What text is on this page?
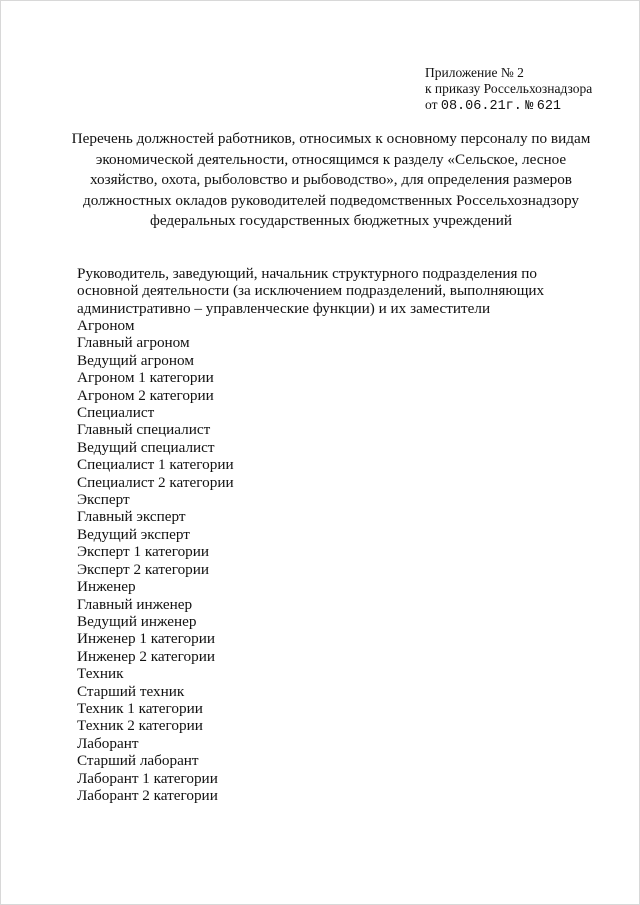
Приложение № 2
к приказу Россельхознадзора
от 08.06.21г. № 621
Перечень должностей работников, относимых к основному персоналу по видам
экономической деятельности, относящимся к разделу «Сельское, лесное
хозяйство, охота, рыболовство и рыбоводство», для определения размеров
должностных окладов руководителей подведомственных Россельхознадзору
федеральных государственных бюджетных учреждений
Руководитель, заведующий, начальник структурного подразделения по
основной деятельности (за исключением подразделений, выполняющих
административно – управленческие функции) и их заместители
Агроном
Главный агроном
Ведущий агроном
Агроном 1 категории
Агроном 2 категории
Специалист
Главный специалист
Ведущий специалист
Специалист 1 категории
Специалист 2 категории
Эксперт
Главный эксперт
Ведущий эксперт
Эксперт 1 категории
Эксперт 2 категории
Инженер
Главный инженер
Ведущий инженер
Инженер 1 категории
Инженер 2 категории
Техник
Старший техник
Техник 1 категории
Техник 2 категории
Лаборант
Старший лаборант
Лаборант 1 категории
Лаборант 2 категории
